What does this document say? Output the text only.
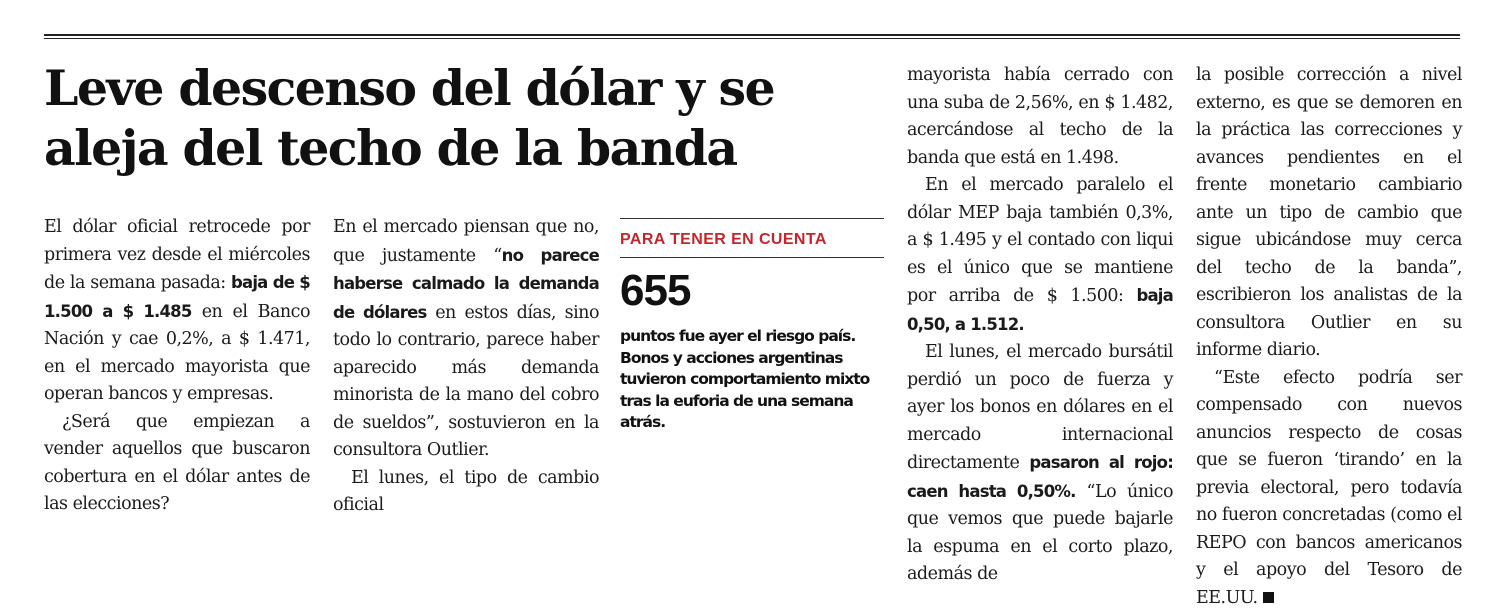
Leve descenso del dólar y se aleja del techo de la banda

El dólar oficial retrocede por primera vez desde el miércoles de la semana pasada: baja de $ 1.500 a $ 1.485 en el Banco Nación y cae 0,2%, a $ 1.471, en el mercado mayorista que operan bancos y empresas.

¿Será que empiezan a vender aquellos que buscaron cobertura en el dólar antes de las elecciones?

En el mercado piensan que no, que justamente “no parece haberse calmado la demanda de dólares en estos días, sino todo lo contrario, parece haber aparecido más demanda minorista de la mano del cobro de sueldos”, sostuvieron en la consultora Outlier.

El lunes, el tipo de cambio oficial

PARA TENER EN CUENTA
655
puntos fue ayer el riesgo país. Bonos y acciones argentinas tuvieron comportamiento mixto tras la euforia de una semana atrás.

mayorista había cerrado con una suba de 2,56%, en $ 1.482, acercándose al techo de la banda que está en 1.498.

En el mercado paralelo el dólar MEP baja también 0,3%, a $ 1.495 y el contado con liqui es el único que se mantiene por arriba de $ 1.500: baja 0,50, a 1.512.

El lunes, el mercado bursátil perdió un poco de fuerza y ayer los bonos en dólares en el mercado internacional directamente pasaron al rojo: caen hasta 0,50%. “Lo único que vemos que puede bajarle la espuma en el corto plazo, además de

la posible corrección a nivel externo, es que se demoren en la práctica las correcciones y avances pendientes en el frente monetario cambiario ante un tipo de cambio que sigue ubicándose muy cerca del techo de la banda”, escribieron los analistas de la consultora Outlier en su informe diario.

“Este efecto podría ser compensado con nuevos anuncios respecto de cosas que se fueron ‘tirando’ en la previa electoral, pero todavía no fueron concretadas (como el REPO con bancos americanos y el apoyo del Tesoro de EE.UU.
